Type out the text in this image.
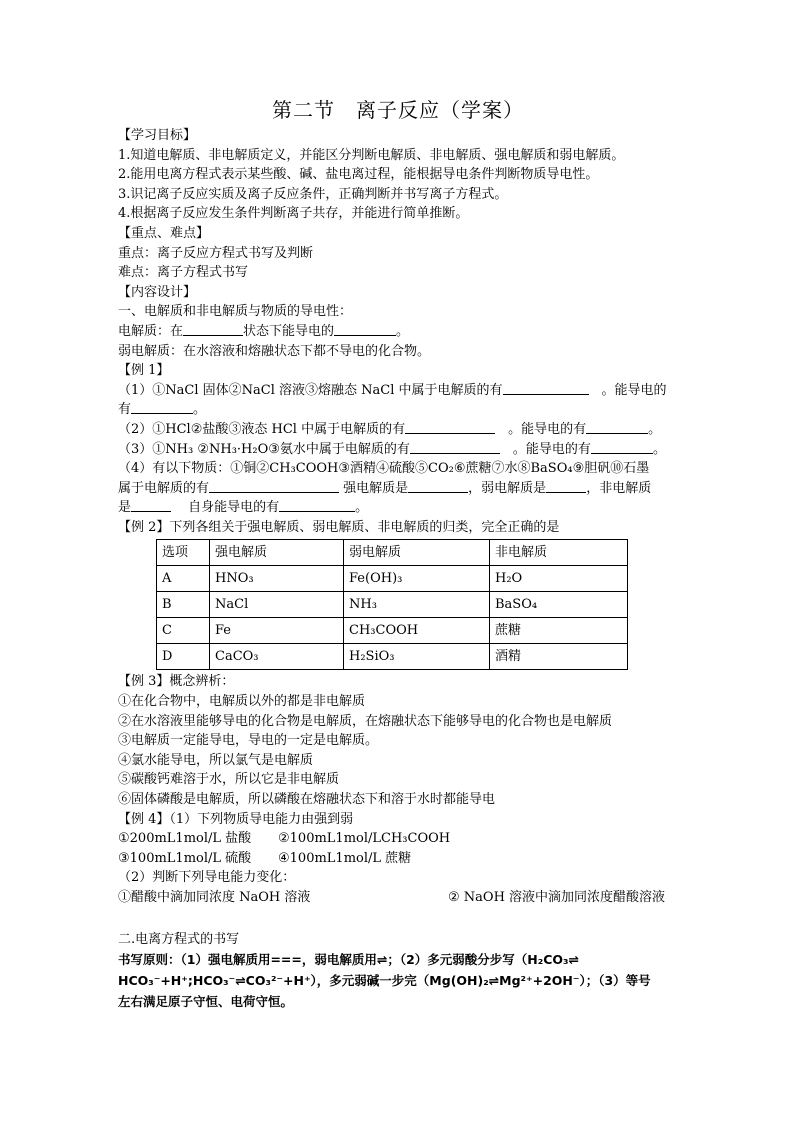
第二节　离子反应（学案）
【学习目标】
1.知道电解质、非电解质定义，并能区分判断电解质、非电解质、强电解质和弱电解质。
2.能用电离方程式表示某些酸、碱、盐电离过程，能根据导电条件判断物质导电性。
3.识记离子反应实质及离子反应条件，正确判断并书写离子方程式。
4.根据离子反应发生条件判断离子共存，并能进行简单推断。
【重点、难点】
重点：离子反应方程式书写及判断
难点：离子方程式书写
【内容设计】
一、电解质和非电解质与物质的导电性：
电解质：在	状态下能导电的	。
弱电解质：在水溶液和熔融状态下都不导电的化合物。
【例 1】
（1）①NaCl 固体②NaCl 溶液③熔融态 NaCl 中属于电解质的有　	。能导电的
有	。
（2）①HCl②盐酸③液态 HCl 中属于电解质的有　	。能导电的有	。
（3）①NH₃ ②NH₃·H₂O③氨水中属于电解质的有　	。能导电的有	。
（4）有以下物质：①铜②CH₃COOH③酒精④硫酸⑤CO₂⑥蔗糖⑦水⑧BaSO₄⑨胆矾⑩石墨
属于电解质的有	强电解质是	，弱电解质是	，非电解质
是　	自身能导电的有	。
【例 2】下列各组关于强电解质、弱电解质、非电解质的归类，完全正确的是
选项	强电解质	弱电解质	非电解质
A	HNO₃	Fe(OH)₃	H₂O
B	NaCl	NH₃	BaSO₄
C	Fe	CH₃COOH	蔗糖
D	CaCO₃	H₂SiO₃	酒精
【例 3】概念辨析：
①在化合物中，电解质以外的都是非电解质
②在水溶液里能够导电的化合物是电解质，在熔融状态下能够导电的化合物也是电解质
③电解质一定能导电，导电的一定是电解质。
④氯水能导电，所以氯气是电解质
⑤碳酸钙难溶于水，所以它是非电解质
⑥固体磷酸是电解质，所以磷酸在熔融状态下和溶于水时都能导电
【例 4】（1）下列物质导电能力由强到弱
①200mL1mol/L 盐酸 ②100mL1mol/LCH₃COOH
③100mL1mol/L 硫酸 ④100mL1mol/L 蔗糖
（2）判断下列导电能力变化：
①醋酸中滴加同浓度 NaOH 溶液	② NaOH 溶液中滴加同浓度醋酸溶液
二.电离方程式的书写
书写原则：（1）强电解质用===，弱电解质用⇌；（2）多元弱酸分步写（H₂CO₃⇌
HCO₃⁻+H⁺;HCO₃⁻⇌CO₃²⁻+H⁺），多元弱碱一步完（Mg(OH)₂⇌Mg²⁺+2OH⁻）；（3）等号
左右满足原子守恒、电荷守恒。
